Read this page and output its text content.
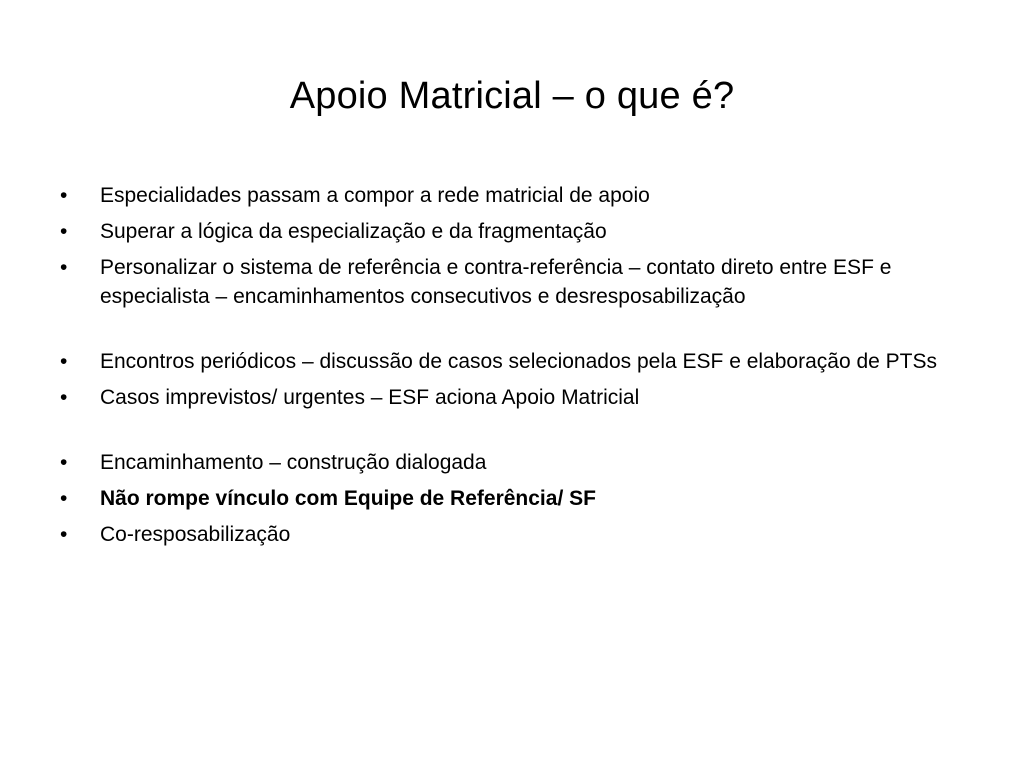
Apoio Matricial – o que é?
•	Especialidades passam a compor a rede matricial de apoio
•	Superar a lógica da especialização e da fragmentação
•	Personalizar o sistema de referência e contra-referência – contato direto entre ESF e especialista – encaminhamentos consecutivos e desresposabilização
•	Encontros periódicos – discussão de casos selecionados pela ESF e elaboração de PTSs
•	Casos imprevistos/ urgentes – ESF aciona Apoio Matricial
•	Encaminhamento – construção dialogada
•	Não rompe vínculo com Equipe de Referência/ SF
•	Co-resposabilização
